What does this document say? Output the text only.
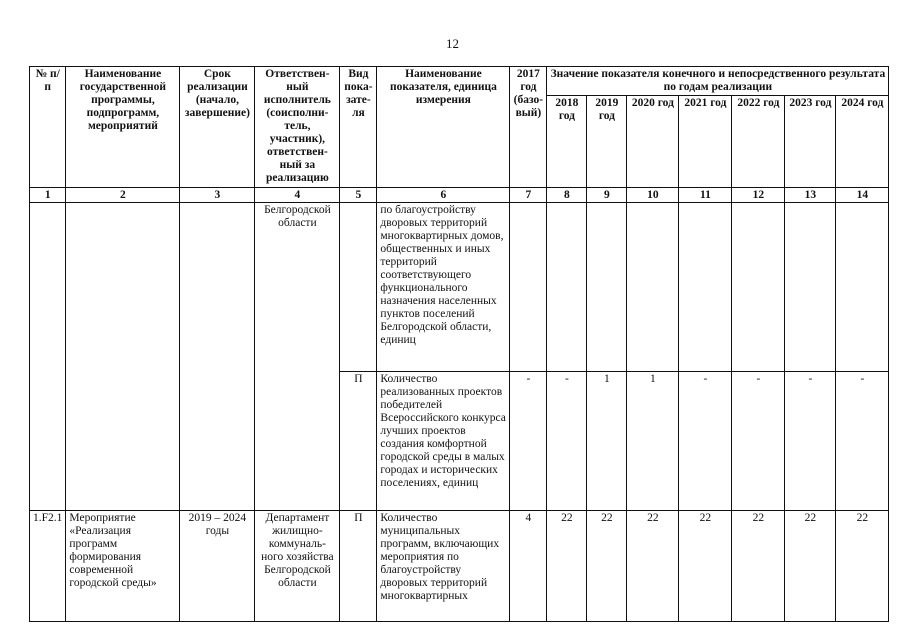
12
№ п/п	Наименование государственной программы, подпрограмм, мероприятий	Срок реализации (начало, завершение)	Ответствен-ный исполнитель (соисполни-тель, участник), ответствен-ный за реализацию	Вид пока-зате-ля	Наименование показателя, единица измерения	2017 год (базо-вый)	Значение показателя конечного и непосредственного результата по годам реализации						
							2018 год	2019 год	2020 год	2021 год	2022 год	2023 год	2024 год
1	2	3	4	5	6	7	8	9	10	11	12	13	14
			Белгородской области		по благоустройству дворовых территорий многоквартирных домов, общественных и иных территорий соответствующего функционального назначения населенных пунктов поселений Белгородской области, единиц								
				П	Количество реализованных проектов победителей Всероссийского конкурса лучших проектов создания комфортной городской среды в малых городах и исторических поселениях, единиц	-	-	1	1	-	-	-	-
1.F2.1	Мероприятие «Реализация программ формирования современной городской среды»	2019 – 2024 годы	Департамент жилищно-коммуналь-ного хозяйства Белгородской области	П	Количество муниципальных программ, включающих мероприятия по благоустройству дворовых территорий многоквартирных	4	22	22	22	22	22	22	22
